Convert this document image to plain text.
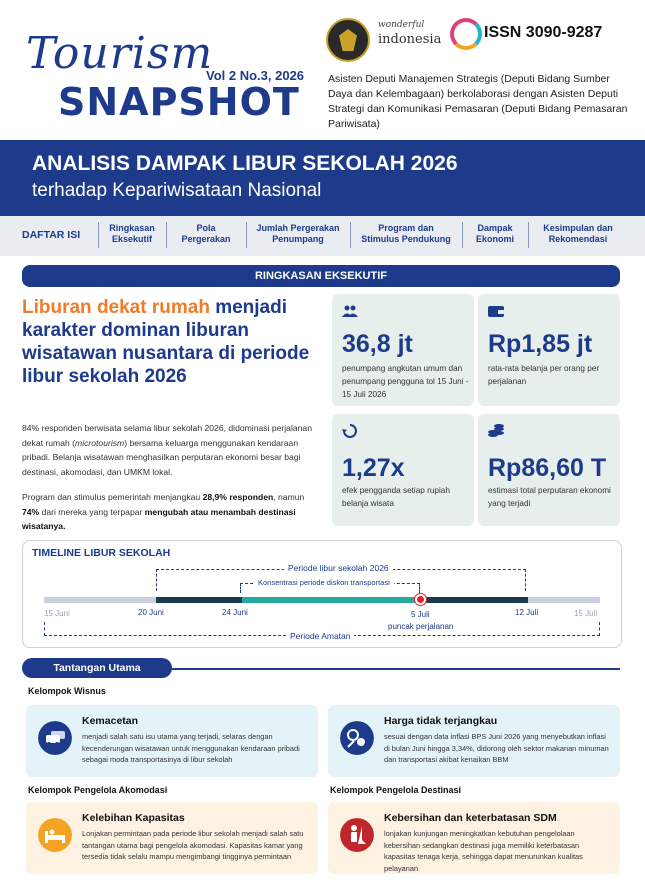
Tourism
SNAPSHOT
Vol 2 No.3, 2026
wonderful
indonesia	ISSN 3090-9287
Asisten Deputi Manajemen Strategis (Deputi Bidang Sumber Daya dan Kelembagaan) berkolaborasi dengan Asisten Deputi Strategi dan Komunikasi Pemasaran (Deputi Bidang Pemasaran Pariwisata)
ANALISIS DAMPAK LIBUR SEKOLAH 2026
terhadap Kepariwisataan Nasional
DAFTAR ISI
Ringkasan
Eksekutif
Pola
Pergerakan
Jumlah Pergerakan
Penumpang
Program dan
Stimulus Pendukung
Dampak
Ekonomi
Kesimpulan dan
Rekomendasi
RINGKASAN EKSEKUTIF
Liburan dekat rumah menjadi karakter dominan liburan wisatawan nusantara di periode libur sekolah 2026
84% responden berwisata selama libur sekolah 2026, didominasi perjalanan dekat rumah (microtourism) bersama keluarga menggunakan kendaraan pribadi. Belanja wisatawan menghasilkan perputaran ekonomi besar bagi destinasi, akomodasi, dan UMKM lokal.
Program dan stimulus pemerintah menjangkau 28,9% responden, namun 74% dari mereka yang terpapar mengubah atau menambah destinasi wisatanya.
36,8 jt
penumpang angkutan umum dan penumpang pengguna tol 15 Juni - 15 Juli 2026
Rp1,85 jt
rata-rata belanja per orang per perjalanan
1,27x
efek pengganda setiap rupiah belanja wisata
Rp86,60 T
estimasi total perputaran ekonomi yang terjadi
TIMELINE LIBUR SEKOLAH
Periode libur sekolah 2026
Konsentrasi periode diskon transportasi
15 Juni	20 Juni	24 Juni	5 Juli
puncak perjalanan
12 Juli	15 Juli
Periode Amatan
Tantangan Utama
Kelompok Wisnus
Kemacetan
menjadi salah satu isu utama yang terjadi, selaras dengan kecenderungan wisatawan untuk menggunakan kendaraan pribadi sebagai moda transportasinya di libur sekolah
Harga tidak terjangkau
sesuai dengan data inflasi BPS Juni 2026 yang menyebutkan inflasi di bulan Juni hingga 3,34%, didorong oleh sektor makanan minuman dan transportasi akibat kenaikan BBM
Kelompok Pengelola Akomodasi	Kelompok Pengelola Destinasi
Kelebihan Kapasitas
Lonjakan permintaan pada periode libur sekolah menjadi salah satu tantangan utama bagi pengelola akomodasi. Kapasitas kamar yang tersedia tidak selalu mampu mengimbangi tingginya permintaan
Kebersihan dan keterbatasan SDM
lonjakan kunjungan meningkatkan kebutuhan pengelolaan kebersihan sedangkan destinasi juga memiliki keterbatasan kapasitas tenaga kerja, sehingga dapat menurunkan kualitas pelayanan
